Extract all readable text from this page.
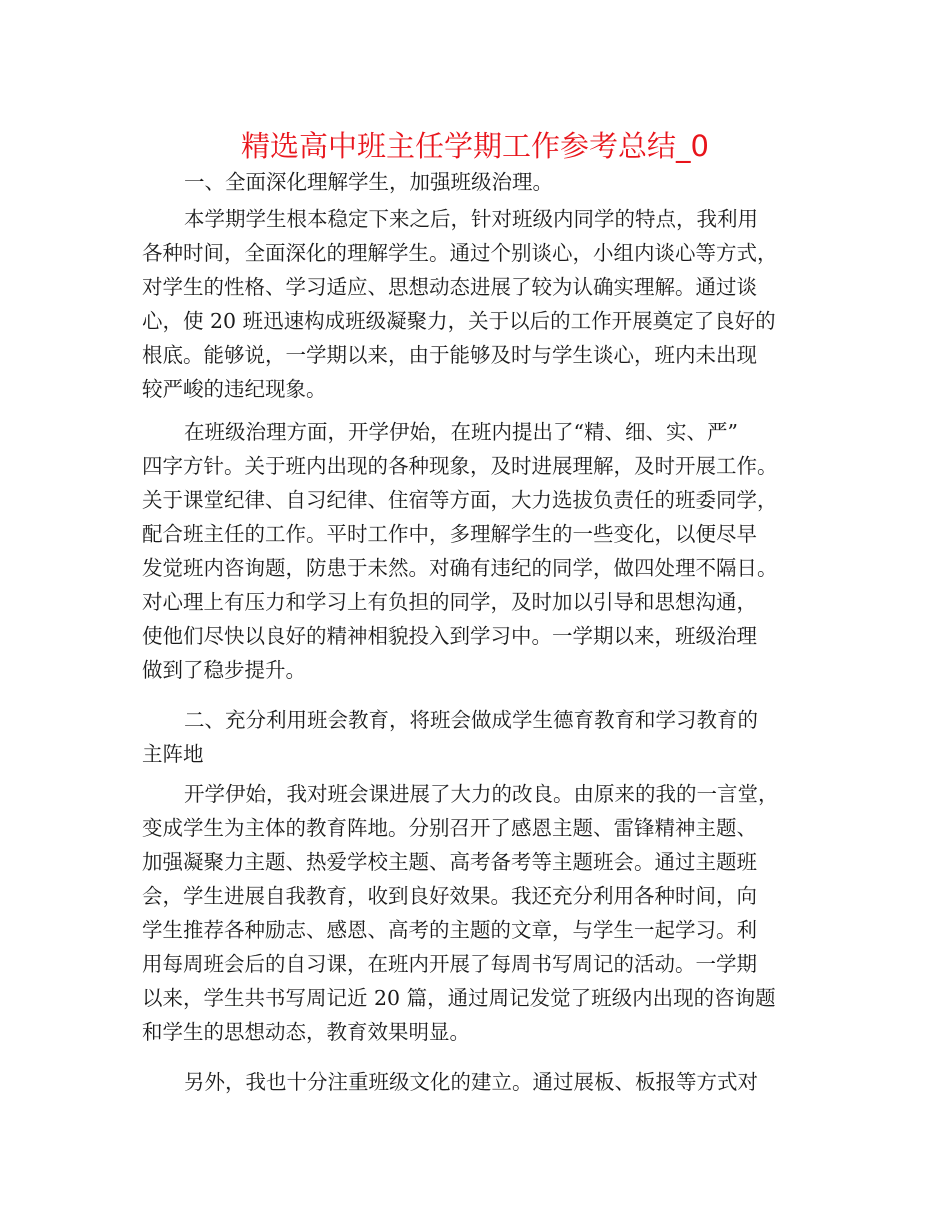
精选高中班主任学期工作参考总结_0
一、全面深化理解学生，加强班级治理。
本学期学生根本稳定下来之后，针对班级内同学的特点，我利用
各种时间，全面深化的理解学生。通过个别谈心，小组内谈心等方式，
对学生的性格、学习适应、思想动态进展了较为认确实理解。通过谈
心，使 20 班迅速构成班级凝聚力，关于以后的工作开展奠定了良好的
根底。能够说，一学期以来，由于能够及时与学生谈心，班内未出现
较严峻的违纪现象。
在班级治理方面，开学伊始，在班内提出了“精、细、实、严”
四字方针。关于班内出现的各种现象，及时进展理解，及时开展工作。
关于课堂纪律、自习纪律、住宿等方面，大力选拔负责任的班委同学，
配合班主任的工作。平时工作中，多理解学生的一些变化，以便尽早
发觉班内咨询题，防患于未然。对确有违纪的同学，做四处理不隔日。
对心理上有压力和学习上有负担的同学，及时加以引导和思想沟通，
使他们尽快以良好的精神相貌投入到学习中。一学期以来，班级治理
做到了稳步提升。
二、充分利用班会教育，将班会做成学生德育教育和学习教育的
主阵地
开学伊始，我对班会课进展了大力的改良。由原来的我的一言堂，
变成学生为主体的教育阵地。分别召开了感恩主题、雷锋精神主题、
加强凝聚力主题、热爱学校主题、高考备考等主题班会。通过主题班
会，学生进展自我教育，收到良好效果。我还充分利用各种时间，向
学生推荐各种励志、感恩、高考的主题的文章，与学生一起学习。利
用每周班会后的自习课，在班内开展了每周书写周记的活动。一学期
以来，学生共书写周记近 20 篇，通过周记发觉了班级内出现的咨询题
和学生的思想动态，教育效果明显。
另外，我也十分注重班级文化的建立。通过展板、板报等方式对
